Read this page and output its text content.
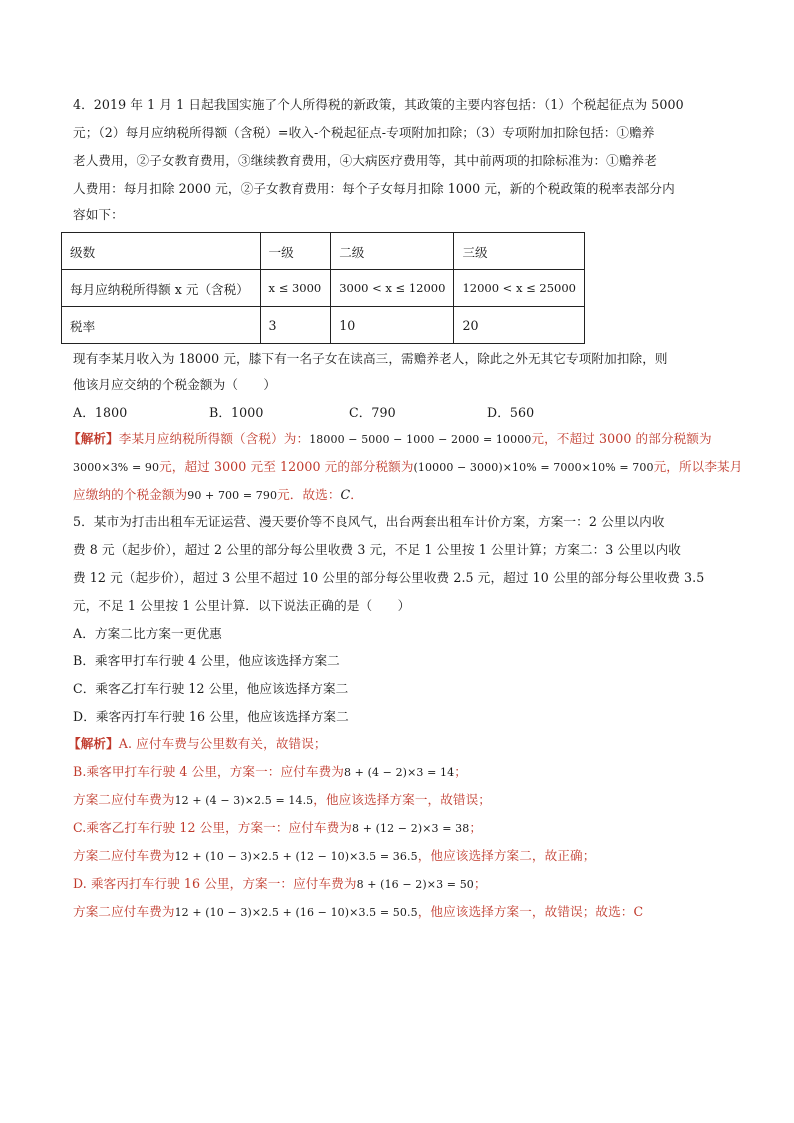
4．2019 年 1 月 1 日起我国实施了个人所得税的新政策，其政策的主要内容包括：（1）个税起征点为 5000
元；（2）每月应纳税所得额（含税）=收入-个税起征点-专项附加扣除；（3）专项附加扣除包括：①赡养
老人费用，②子女教育费用，③继续教育费用，④大病医疗费用等，其中前两项的扣除标准为：①赡养老
人费用：每月扣除 2000 元，②子女教育费用：每个子女每月扣除 1000 元，新的个税政策的税率表部分内
容如下：
级数	一级	二级	三级
每月应纳税所得额 x 元（含税）	x ≤ 3000	3000 < x ≤ 12000	12000 < x ≤ 25000
税率	3	10	20
现有李某月收入为 18000 元，膝下有一名子女在读高三，需赡养老人，除此之外无其它专项附加扣除，则
他该月应交纳的个税金额为（　　）
A．1800	B．1000	C．790	D．560
【解析】李某月应纳税所得额（含税）为：18000 − 5000 − 1000 − 2000 = 10000元，不超过 3000 的部分税额为
3000×3% = 90元，超过 3000 元至 12000 元的部分税额为(10000 − 3000)×10% = 7000×10% = 700元，所以李某月
应缴纳的个税金额为90 + 700 = 790元．故选：C．
5．某市为打击出租车无证运营、漫天要价等不良风气，出台两套出租车计价方案，方案一：2 公里以内收
费 8 元（起步价），超过 2 公里的部分每公里收费 3 元，不足 1 公里按 1 公里计算；方案二：3 公里以内收
费 12 元（起步价），超过 3 公里不超过 10 公里的部分每公里收费 2.5 元，超过 10 公里的部分每公里收费 3.5
元，不足 1 公里按 1 公里计算．以下说法正确的是（　　）
A．方案二比方案一更优惠
B．乘客甲打车行驶 4 公里，他应该选择方案二
C．乘客乙打车行驶 12 公里，他应该选择方案二
D．乘客丙打车行驶 16 公里，他应该选择方案二
【解析】A. 应付车费与公里数有关，故错误；
B.乘客甲打车行驶 4 公里，方案一：应付车费为8 + (4 − 2)×3 = 14；
方案二应付车费为12 + (4 − 3)×2.5 = 14.5，他应该选择方案一，故错误；
C.乘客乙打车行驶 12 公里，方案一：应付车费为8 + (12 − 2)×3 = 38；
方案二应付车费为12 + (10 − 3)×2.5 + (12 − 10)×3.5 = 36.5，他应该选择方案二，故正确；
D. 乘客丙打车行驶 16 公里，方案一：应付车费为8 + (16 − 2)×3 = 50；
方案二应付车费为12 + (10 − 3)×2.5 + (16 − 10)×3.5 = 50.5，他应该选择方案一，故错误；故选：C
